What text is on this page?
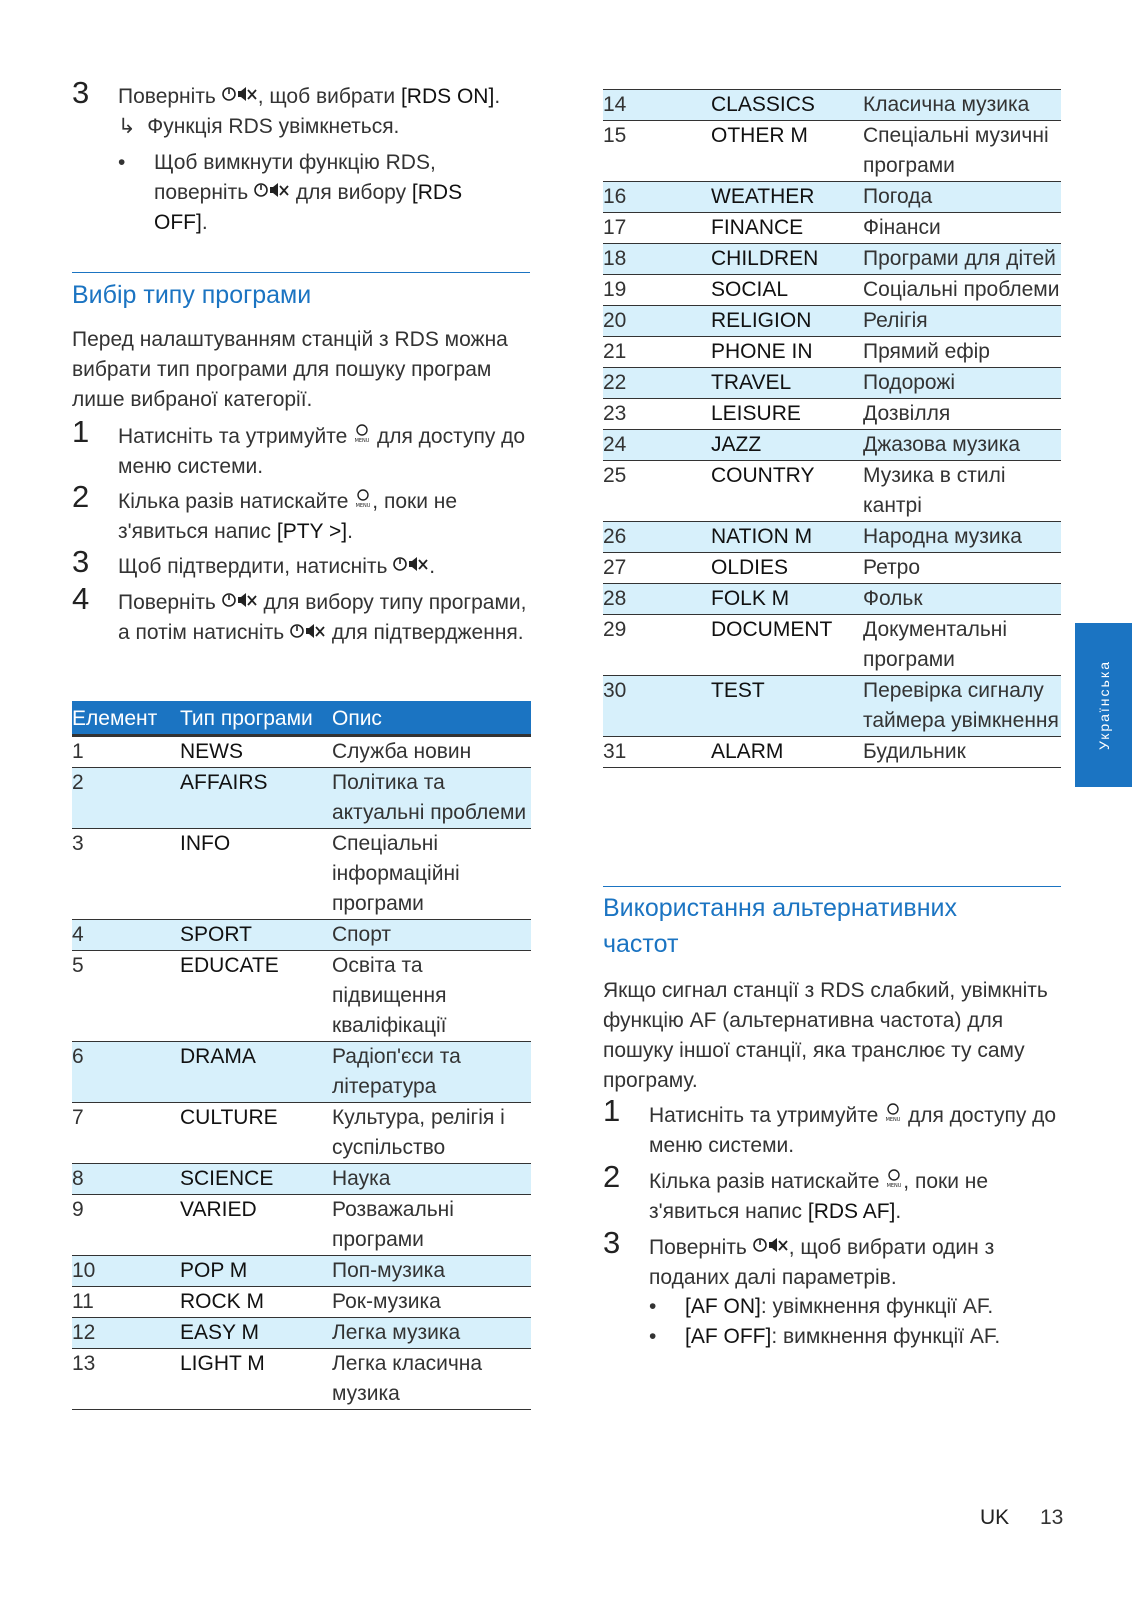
3 Поверніть , щоб вибрати [RDS ON].
↳ Функція RDS увімкнеться.
• Щоб вимкнути функцію RDS, поверніть  для вибору [RDS OFF].
Вибір типу програми
Перед налаштуванням станцій з RDS можна вибрати тип програми для пошуку програм лише вибраної категорії.
1 Натисніть та утримуйте MENU для доступу до меню системи.
2 Кілька разів натискайте MENU , поки не з'явиться напис [PTY >].
3 Щоб підтвердити, натисніть .
4 Поверніть  для вибору типу програми, а потім натисніть  для підтвердження.
Елемент	Тип програми	Опис
1	NEWS	Служба новин
2	AFFAIRS	Політика та актуальні проблеми
3	INFO	Спеціальні інформаційні програми
4	SPORT	Спорт
5	EDUCATE	Освіта та підвищення кваліфікації
6	DRAMA	Радіоп'єси та література
7	CULTURE	Культура, релігія і суспільство
8	SCIENCE	Наука
9	VARIED	Розважальні програми
10	POP M	Поп-музика
11	ROCK M	Рок-музика
12	EASY M	Легка музика
13	LIGHT M	Легка класична музика
14	CLASSICS	Класична музика
15	OTHER M	Спеціальні музичні програми
16	WEATHER	Погода
17	FINANCE	Фінанси
18	CHILDREN	Програми для дітей
19	SOCIAL	Соціальні проблеми
20	RELIGION	Релігія
21	PHONE IN	Прямий ефір
22	TRAVEL	Подорожі
23	LEISURE	Дозвілля
24	JAZZ	Джазова музика
25	COUNTRY	Музика в стилі кантрі
26	NATION M	Народна музика
27	OLDIES	Ретро
28	FOLK M	Фольк
29	DOCUMENT	Документальні програми
30	TEST	Перевірка сигналу таймера увімкнення
31	ALARM	Будильник
Використання альтернативних частот
Якщо сигнал станції з RDS слабкий, увімкніть функцію AF (альтернативна частота) для пошуку іншої станції, яка транслює ту саму програму.
1 Натисніть та утримуйте MENU для доступу до меню системи.
2 Кілька разів натискайте MENU , поки не з'явиться напис [RDS AF].
3 Поверніть , щоб вибрати один з поданих далі параметрів.
• [AF ON]: увімкнення функції AF.
• [AF OFF]: вимкнення функції AF.
Українська
UK 13
